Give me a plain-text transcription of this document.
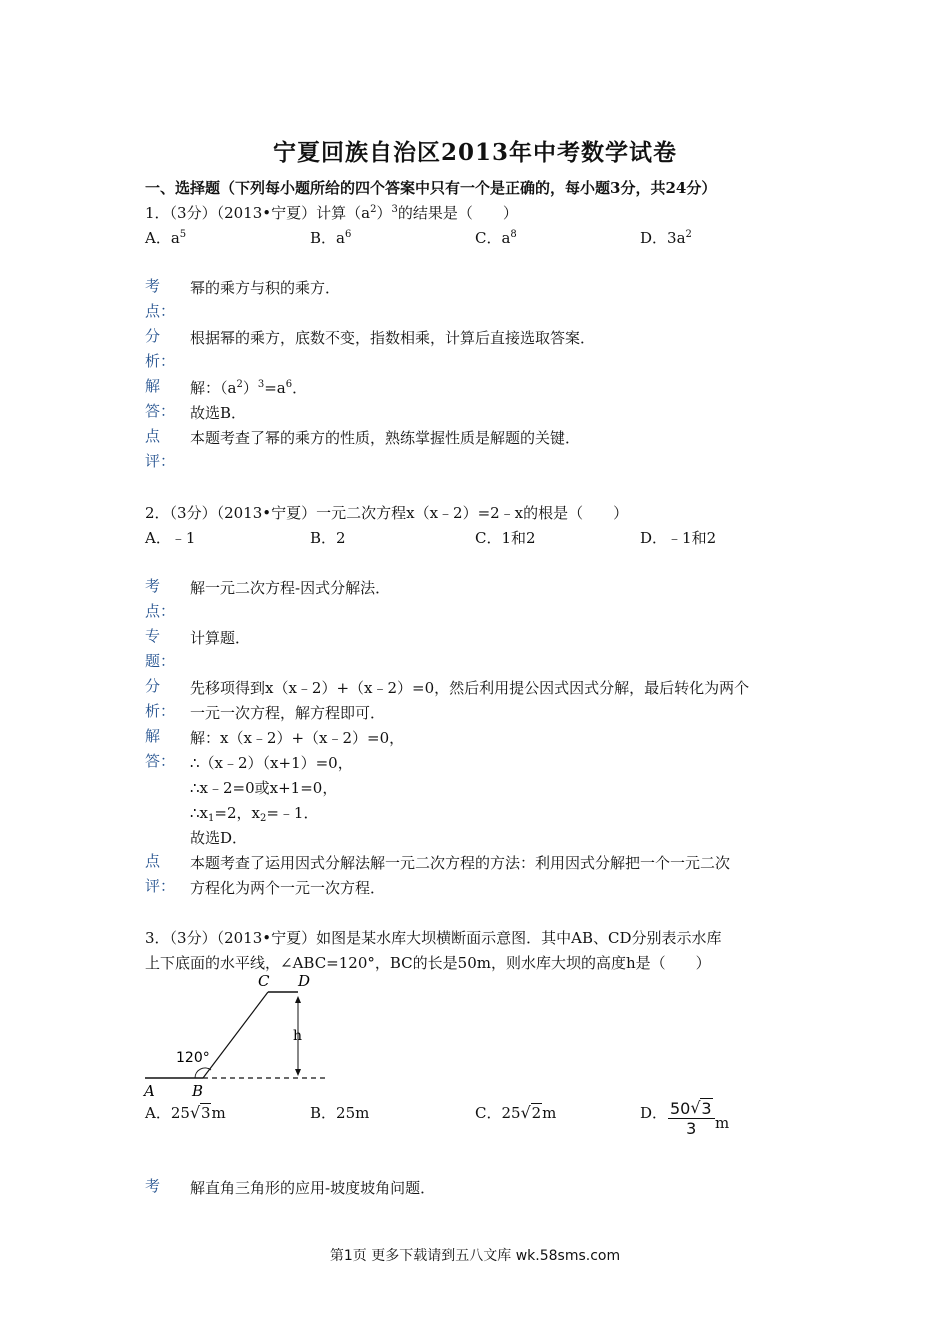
宁夏回族自治区2013年中考数学试卷
一、选择题（下列每小题所给的四个答案中只有一个是正确的，每小题3分，共24分）
1．（3分）（2013•宁夏）计算$(a^2)^3$的结果是（　　）
A．$a^5$	B．$a^6$	C．$a^8$	D．$3a^2$
考
点：
幂的乘方与积的乘方．
分
析：
根据幂的乘方，底数不变，指数相乘，计算后直接选取答案．
解
答：
解：$(a^2)^3=a^6$．
故选B．
点
评：
本题考查了幂的乘方的性质，熟练掌握性质是解题的关键．
2．（3分）（2013•宁夏）一元二次方程x（x﹣2）=2﹣x的根是（　　）
A．﹣1	B．2	C．1和2	D．﹣1和2
考
点：
解一元二次方程-因式分解法．
专
题：
计算题．
分
析：
先移项得到x（x﹣2）+（x﹣2）=0，然后利用提公因式因式分解，最后转化为两个
一元一次方程，解方程即可．
解
答：
解：x（x﹣2）+（x﹣2）=0，
∴（x﹣2）（x+1）=0，
∴x﹣2=0或x+1=0，
$\therefore x_1=2$，$x_2=﹣1$．
故选D．
点
评：
本题考查了运用因式分解法解一元二次方程的方法：利用因式分解把一个一元二次
方程化为两个一元一次方程．
3．（3分）（2013•宁夏）如图是某水库大坝横断面示意图．其中AB、CD分别表示水库
上下底面的水平线，∠ABC=120°，BC的长是50m，则水库大坝的高度h是（　　）
C D
h
120°
A B
A．25 √ 3m	B．25m	C．25 √ 2m	D． $\frac{50 √ 3}{3}$ m
考	解直角三角形的应用-坡度坡角问题．
第1页 更多下载请到五八文库 wk.58sms.com
